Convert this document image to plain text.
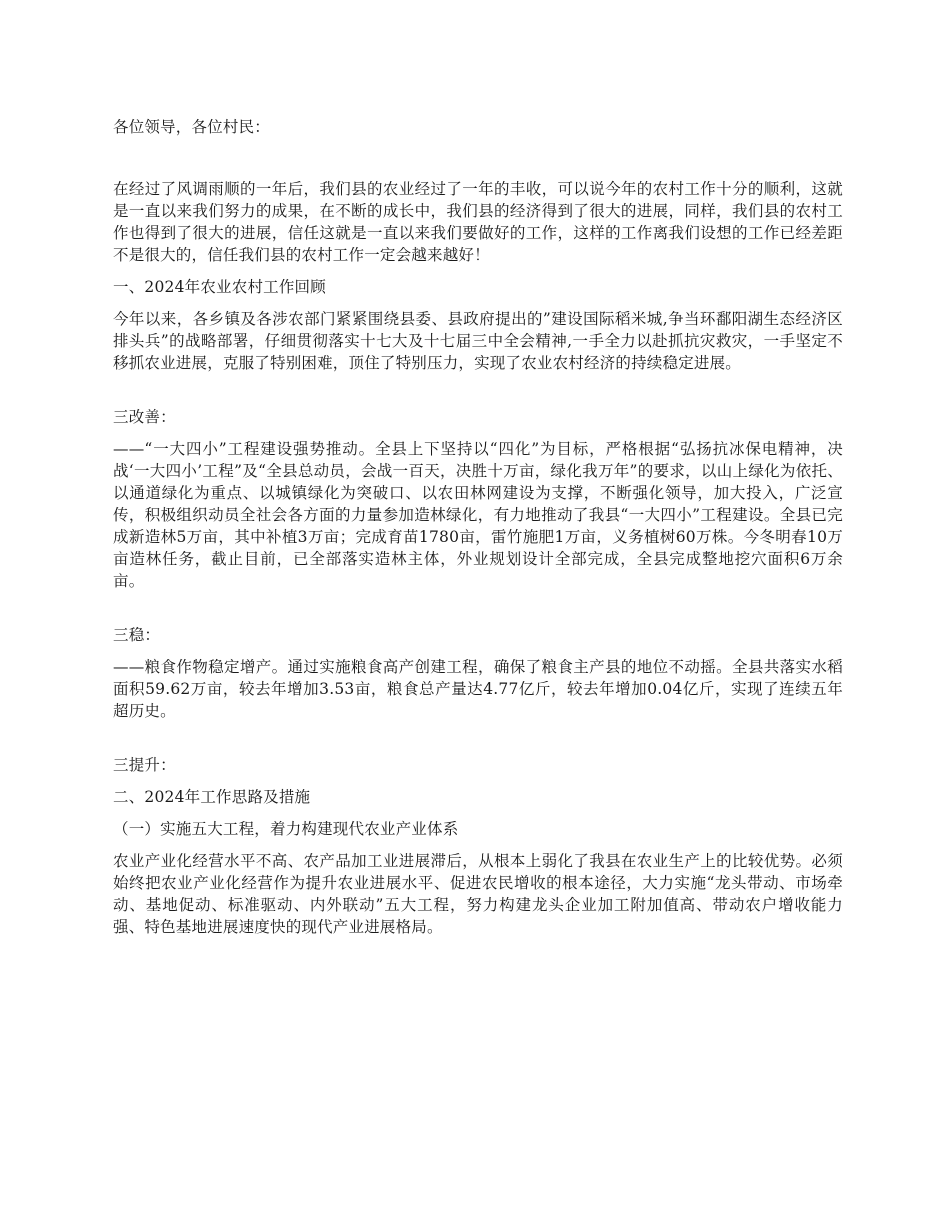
各位领导，各位村民：

在经过了风调雨顺的一年后，我们县的农业经过了一年的丰收，可以说今年的农村工作十分的顺利，这就是一直以来我们努力的成果，在不断的成长中，我们县的经济得到了很大的进展，同样，我们县的农村工作也得到了很大的进展，信任这就是一直以来我们要做好的工作，这样的工作离我们设想的工作已经差距不是很大的，信任我们县的农村工作一定会越来越好！

一、2024年农业农村工作回顾

今年以来，各乡镇及各涉农部门紧紧围绕县委、县政府提出的”建设国际稻米城,争当环鄱阳湖生态经济区排头兵”的战略部署，仔细贯彻落实十七大及十七届三中全会精神,一手全力以赴抓抗灾救灾，一手坚定不移抓农业进展，克服了特别困难，顶住了特别压力，实现了农业农村经济的持续稳定进展。

三改善：

——“一大四小”工程建设强势推动。全县上下坚持以“四化”为目标，严格根据“弘扬抗冰保电精神，决战‘一大四小’工程”及“全县总动员，会战一百天，决胜十万亩，绿化我万年”的要求，以山上绿化为依托、以通道绿化为重点、以城镇绿化为突破口、以农田林网建设为支撑，不断强化领导，加大投入，广泛宣传，积极组织动员全社会各方面的力量参加造林绿化，有力地推动了我县“一大四小”工程建设。全县已完成新造林5万亩，其中补植3万亩；完成育苗1780亩，雷竹施肥1万亩，义务植树60万株。今冬明春10万亩造林任务，截止目前，已全部落实造林主体，外业规划设计全部完成，全县完成整地挖穴面积6万余亩。

三稳：

——粮食作物稳定增产。通过实施粮食高产创建工程，确保了粮食主产县的地位不动摇。全县共落实水稻面积59.62万亩，较去年增加3.53亩，粮食总产量达4.77亿斤，较去年增加0.04亿斤，实现了连续五年超历史。

三提升：

二、2024年工作思路及措施

（一）实施五大工程，着力构建现代农业产业体系

农业产业化经营水平不高、农产品加工业进展滞后，从根本上弱化了我县在农业生产上的比较优势。必须始终把农业产业化经营作为提升农业进展水平、促进农民增收的根本途径，大力实施“龙头带动、市场牵动、基地促动、标准驱动、内外联动”五大工程，努力构建龙头企业加工附加值高、带动农户增收能力强、特色基地进展速度快的现代产业进展格局。
